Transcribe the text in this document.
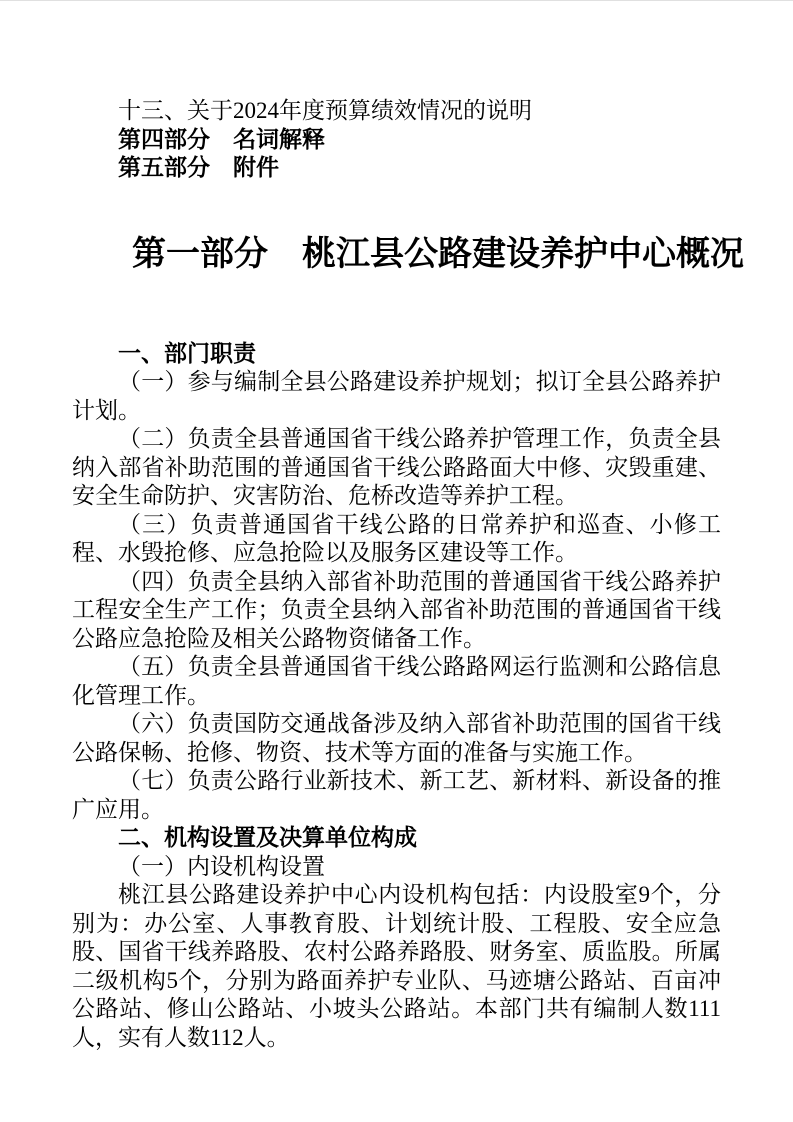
十三、关于2024年度预算绩效情况的说明

第四部分　名词解释

第五部分　附件

第一部分　桃江县公路建设养护中心概况

一、部门职责

（一）参与编制全县公路建设养护规划；拟订全县公路养护计划。

（二）负责全县普通国省干线公路养护管理工作，负责全县纳入部省补助范围的普通国省干线公路路面大中修、灾毁重建、安全生命防护、灾害防治、危桥改造等养护工程。

（三）负责普通国省干线公路的日常养护和巡查、小修工程、水毁抢修、应急抢险以及服务区建设等工作。

（四）负责全县纳入部省补助范围的普通国省干线公路养护工程安全生产工作；负责全县纳入部省补助范围的普通国省干线公路应急抢险及相关公路物资储备工作。

（五）负责全县普通国省干线公路路网运行监测和公路信息化管理工作。

（六）负责国防交通战备涉及纳入部省补助范围的国省干线公路保畅、抢修、物资、技术等方面的准备与实施工作。

（七）负责公路行业新技术、新工艺、新材料、新设备的推广应用。

二、机构设置及决算单位构成

（一）内设机构设置

桃江县公路建设养护中心内设机构包括：内设股室9个，分别为：办公室、人事教育股、计划统计股、工程股、安全应急股、国省干线养路股、农村公路养路股、财务室、质监股。所属二级机构5个，分别为路面养护专业队、马迹塘公路站、百亩冲公路站、修山公路站、小坡头公路站。本部门共有编制人数111人，实有人数112人。
